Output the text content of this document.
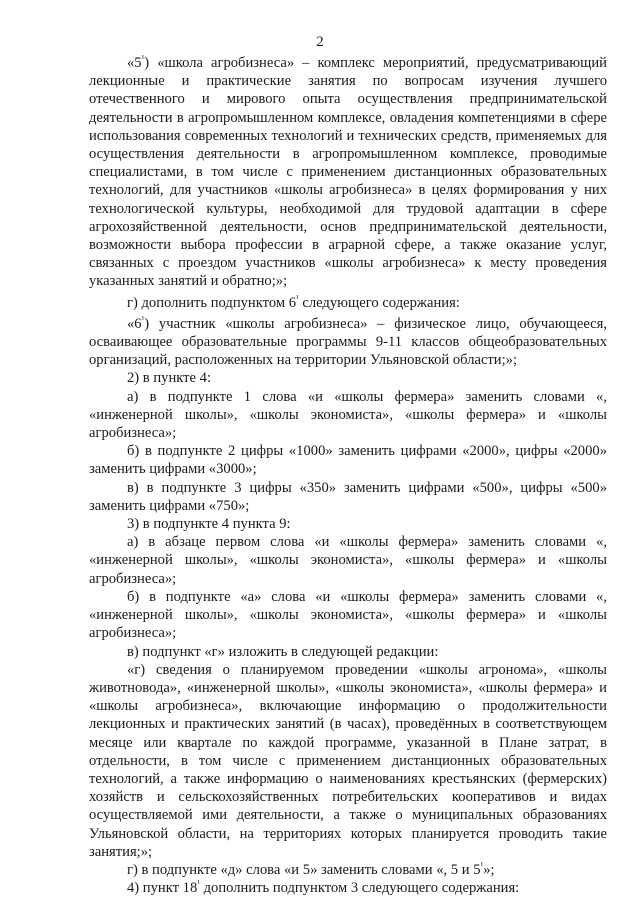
2

«$5^{^1}$) «школа агробизнеса» – комплекс мероприятий, предусматривающий лекционные и практические занятия по вопросам изучения лучшего отечественного и мирового опыта осуществления предпринимательской деятельности в агропромышленном комплексе, овладения компетенциями в сфере использования современных технологий и технических средств, применяемых для осуществления деятельности в агропромышленном комплексе, проводимые специалистами, в том числе с применением дистанционных образовательных технологий, для участников «школы агробизнеса» в целях формирования у них технологической культуры, необходимой для трудовой адаптации в сфере агрохозяйственной деятельности, основ предпринимательской деятельности, возможности выбора профессии в аграрной сфере, а также оказание услуг, связанных с проездом участников «школы агробизнеса» к месту проведения указанных занятий и обратно;»;

г) дополнить подпунктом $6^{^1}$ следующего содержания:

«$6^{^1}$) участник «школы агробизнеса» – физическое лицо, обучающееся, осваивающее образовательные программы 9-11 классов общеобразовательных организаций, расположенных на территории Ульяновской области;»;

2) в пункте 4:

а) в подпункте 1 слова «и «школы фермера» заменить словами «, «инженерной школы», «школы экономиста», «школы фермера» и «школы агробизнеса»;

б) в подпункте 2 цифры «1000» заменить цифрами «2000», цифры «2000» заменить цифрами «3000»;

в) в подпункте 3 цифры «350» заменить цифрами «500», цифры «500» заменить цифрами «750»;

3) в подпункте 4 пункта 9:

а) в абзаце первом слова «и «школы фермера» заменить словами «, «инженерной школы», «школы экономиста», «школы фермера» и «школы агробизнеса»;

б) в подпункте «а» слова «и «школы фермера» заменить словами «, «инженерной школы», «школы экономиста», «школы фермера» и «школы агробизнеса»;

в) подпункт «г» изложить в следующей редакции:

«г) сведения о планируемом проведении «школы агронома», «школы животновода», «инженерной школы», «школы экономиста», «школы фермера» и «школы агробизнеса», включающие информацию о продолжительности лекционных и практических занятий (в часах), проведённых в соответствующем месяце или квартале по каждой программе, указанной в Плане затрат, в отдельности, в том числе с применением дистанционных образовательных технологий, а также информацию о наименованиях крестьянских (фермерских) хозяйств и сельскохозяйственных потребительских кооперативов и видах осуществляемой ими деятельности, а также о муниципальных образованиях Ульяновской области, на территориях которых планируется проводить такие занятия;»;

г) в подпункте «д» слова «и 5» заменить словами «, 5 и $5^{^1}$»;

4) пункт $18^{^1}$ дополнить подпунктом 3 следующего содержания:
